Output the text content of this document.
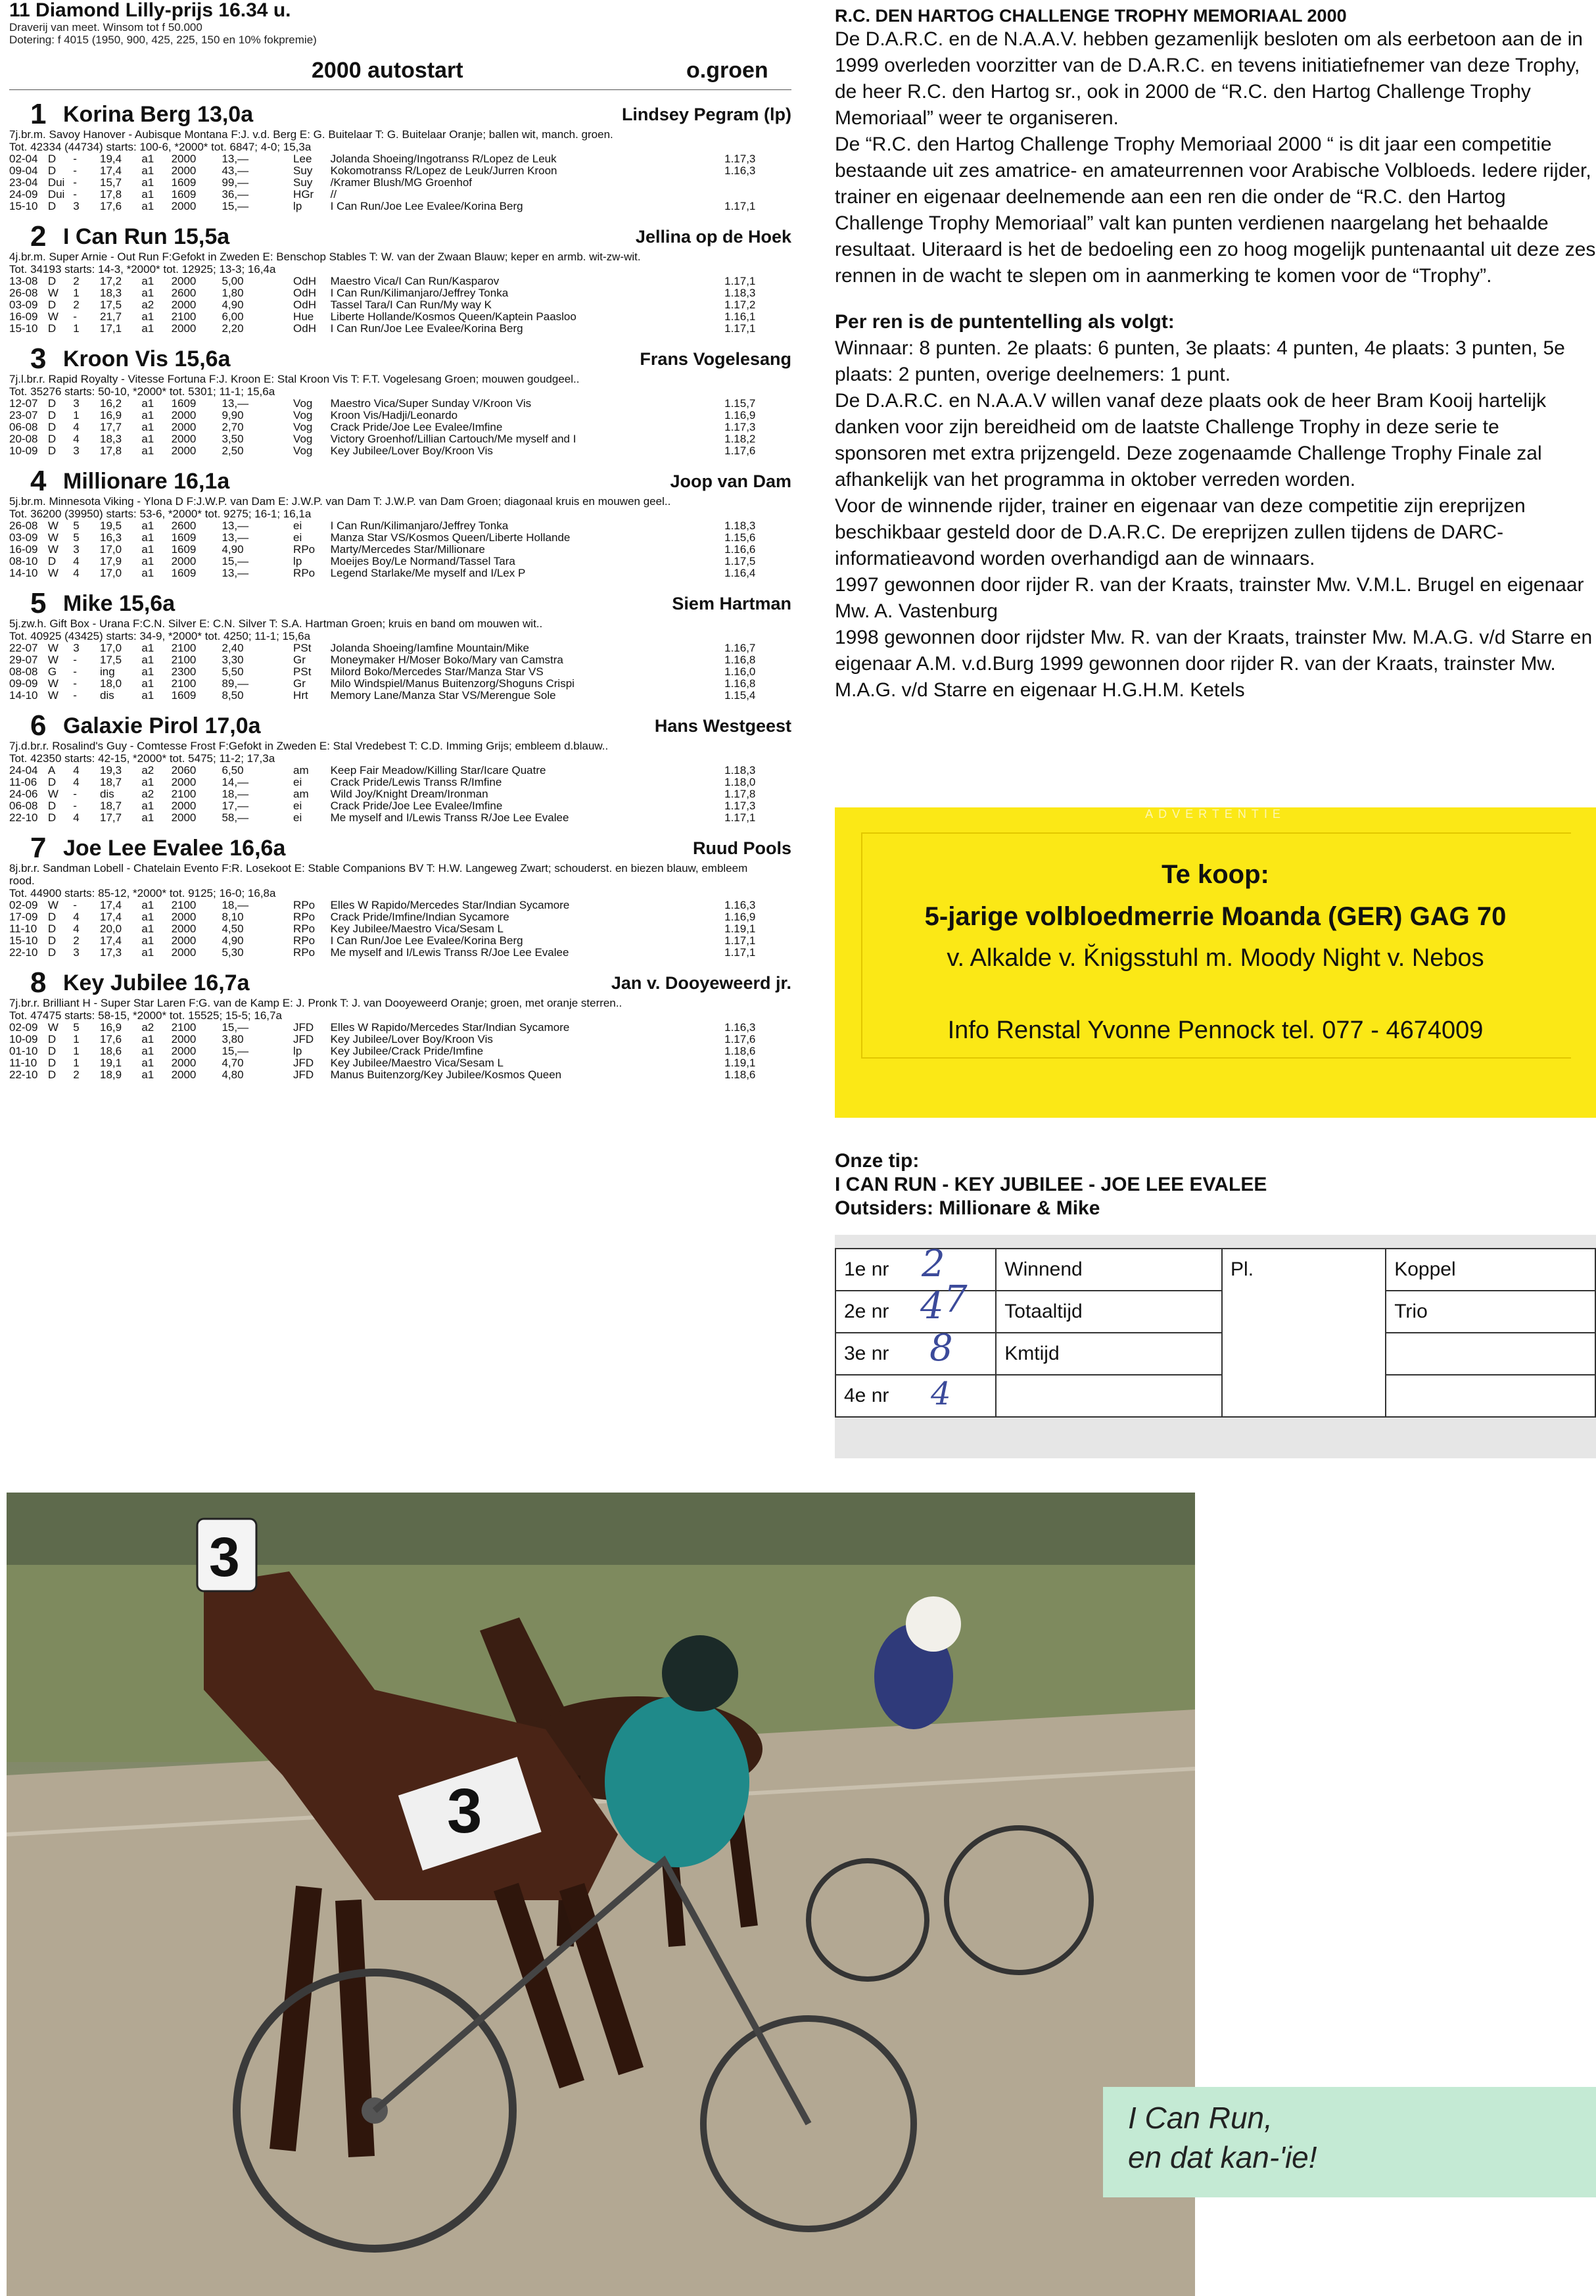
11 Diamond Lilly-prijs 16.34 u.
Draverij van meet. Winsom tot f 50.000
Dotering: f 4015 (1950, 900, 425, 225, 150 en 10% fokpremie)
2000 autostart	o.groen
1 Korina Berg 13,0a	Lindsey Pegram (lp)
7j.br.m. Savoy Hanover - Aubisque Montana F:J. v.d. Berg E: G. Buitelaar T: G. Buitelaar Oranje; ballen wit, manch. groen.
Tot. 42334 (44734) starts: 100-6, *2000* tot. 6847; 4-0; 15,3a
02-04	D	-	19,4	a1	2000	13,—	Lee	Jolanda Shoeing/Ingotranss R/Lopez de Leuk	1.17,3
09-04	D	-	17,4	a1	2000	43,—	Suy	Kokomotranss R/Lopez de Leuk/Jurren Kroon	1.16,3
23-04	Dui	-	15,7	a1	1609	99,—	Suy	/Kramer Blush/MG Groenhof	
24-09	Dui	-	17,8	a1	1609	36,—	HGr	//	
15-10	D	3	17,6	a1	2000	15,—	lp	I Can Run/Joe Lee Evalee/Korina Berg	1.17,1
2 I Can Run 15,5a	Jellina op de Hoek
4j.br.m. Super Arnie - Out Run F:Gefokt in Zweden E: Benschop Stables T: W. van der Zwaan Blauw; keper en armb. wit-zw-wit.
Tot. 34193 starts: 14-3, *2000* tot. 12925; 13-3; 16,4a
13-08	D	2	17,2	a1	2000	5,00	OdH	Maestro Vica/I Can Run/Kasparov	1.17,1
26-08	W	1	18,3	a1	2600	1,80	OdH	I Can Run/Kilimanjaro/Jeffrey Tonka	1.18,3
03-09	D	2	17,5	a2	2000	4,90	OdH	Tassel Tara/I Can Run/My way K	1.17,2
16-09	W	-	21,7	a1	2100	6,00	Hue	Liberte Hollande/Kosmos Queen/Kaptein Paasloo	1.16,1
15-10	D	1	17,1	a1	2000	2,20	OdH	I Can Run/Joe Lee Evalee/Korina Berg	1.17,1
3 Kroon Vis 15,6a	Frans Vogelesang
7j.l.br.r. Rapid Royalty - Vitesse Fortuna F:J. Kroon E: Stal Kroon Vis T: F.T. Vogelesang Groen; mouwen goudgeel..
Tot. 35276 starts: 50-10, *2000* tot. 5301; 11-1; 15,6a
12-07	D	3	16,2	a1	1609	13,—	Vog	Maestro Vica/Super Sunday V/Kroon Vis	1.15,7
23-07	D	1	16,9	a1	2000	9,90	Vog	Kroon Vis/Hadji/Leonardo	1.16,9
06-08	D	4	17,7	a1	2000	2,70	Vog	Crack Pride/Joe Lee Evalee/Imfine	1.17,3
20-08	D	4	18,3	a1	2000	3,50	Vog	Victory Groenhof/Lillian Cartouch/Me myself and I	1.18,2
10-09	D	3	17,8	a1	2000	2,50	Vog	Key Jubilee/Lover Boy/Kroon Vis	1.17,6
4 Millionare 16,1a	Joop van Dam
5j.br.m. Minnesota Viking - Ylona D F:J.W.P. van Dam E: J.W.P. van Dam T: J.W.P. van Dam Groen; diagonaal kruis en mouwen geel..
Tot. 36200 (39950) starts: 53-6, *2000* tot. 9275; 16-1; 16,1a
26-08	W	5	19,5	a1	2600	13,—	ei	I Can Run/Kilimanjaro/Jeffrey Tonka	1.18,3
03-09	W	5	16,3	a1	1609	13,—	ei	Manza Star VS/Kosmos Queen/Liberte Hollande	1.15,6
16-09	W	3	17,0	a1	1609	4,90	RPo	Marty/Mercedes Star/Millionare	1.16,6
08-10	D	4	17,9	a1	2000	15,—	lp	Moeijes Boy/Le Normand/Tassel Tara	1.17,5
14-10	W	4	17,0	a1	1609	13,—	RPo	Legend Starlake/Me myself and I/Lex P	1.16,4
5 Mike 15,6a	Siem Hartman
5j.zw.h. Gift Box - Urana F:C.N. Silver E: C.N. Silver T: S.A. Hartman Groen; kruis en band om mouwen wit..
Tot. 40925 (43425) starts: 34-9, *2000* tot. 4250; 11-1; 15,6a
22-07	W	3	17,0	a1	2100	2,40	PSt	Jolanda Shoeing/Iamfine Mountain/Mike	1.16,7
29-07	W	-	17,5	a1	2100	3,30	Gr	Moneymaker H/Moser Boko/Mary van Camstra	1.16,8
08-08	G	-	ing	a1	2300	5,50	PSt	Milord Boko/Mercedes Star/Manza Star VS	1.16,0
09-09	W	-	18,0	a1	2100	89,—	Gr	Milo Windspiel/Manus Buitenzorg/Shoguns Crispi	1.16,8
14-10	W	-	dis	a1	1609	8,50	Hrt	Memory Lane/Manza Star VS/Merengue Sole	1.15,4
6 Galaxie Pirol 17,0a	Hans Westgeest
7j.d.br.r. Rosalind's Guy - Comtesse Frost F:Gefokt in Zweden E: Stal Vredebest T: C.D. Imming Grijs; embleem d.blauw..
Tot. 42350 starts: 42-15, *2000* tot. 5475; 11-2; 17,3a
24-04	A	4	19,3	a2	2060	6,50	am	Keep Fair Meadow/Killing Star/Icare Quatre	1.18,3
11-06	D	4	18,7	a1	2000	14,—	ei	Crack Pride/Lewis Transs R/Imfine	1.18,0
24-06	W	-	dis	a2	2100	18,—	am	Wild Joy/Knight Dream/Ironman	1.17,8
06-08	D	-	18,7	a1	2000	17,—	ei	Crack Pride/Joe Lee Evalee/Imfine	1.17,3
22-10	D	4	17,7	a1	2000	58,—	ei	Me myself and I/Lewis Transs R/Joe Lee Evalee	1.17,1
7 Joe Lee Evalee 16,6a	Ruud Pools
8j.br.r. Sandman Lobell - Chatelain Evento F:R. Losekoot E: Stable Companions BV T: H.W. Langeweg Zwart; schouderst. en biezen blauw, embleem rood.
Tot. 44900 starts: 85-12, *2000* tot. 9125; 16-0; 16,8a
02-09	W	-	17,4	a1	2100	18,—	RPo	Elles W Rapido/Mercedes Star/Indian Sycamore	1.16,3
17-09	D	4	17,4	a1	2000	8,10	RPo	Crack Pride/Imfine/Indian Sycamore	1.16,9
11-10	D	4	20,0	a1	2000	4,50	RPo	Key Jubilee/Maestro Vica/Sesam L	1.19,1
15-10	D	2	17,4	a1	2000	4,90	RPo	I Can Run/Joe Lee Evalee/Korina Berg	1.17,1
22-10	D	3	17,3	a1	2000	5,30	RPo	Me myself and I/Lewis Transs R/Joe Lee Evalee	1.17,1
8 Key Jubilee 16,7a	Jan v. Dooyeweerd jr.
7j.br.r. Brilliant H - Super Star Laren F:G. van de Kamp E: J. Pronk T: J. van Dooyeweerd Oranje; groen, met oranje sterren..
Tot. 47475 starts: 58-15, *2000* tot. 15525; 15-5; 16,7a
02-09	W	5	16,9	a2	2100	15,—	JFD	Elles W Rapido/Mercedes Star/Indian Sycamore	1.16,3
10-09	D	1	17,6	a1	2000	3,80	JFD	Key Jubilee/Lover Boy/Kroon Vis	1.17,6
01-10	D	1	18,6	a1	2000	15,—	lp	Key Jubilee/Crack Pride/Imfine	1.18,6
11-10	D	1	19,1	a1	2000	4,70	JFD	Key Jubilee/Maestro Vica/Sesam L	1.19,1
22-10	D	2	18,9	a1	2000	4,80	JFD	Manus Buitenzorg/Key Jubilee/Kosmos Queen	1.18,6
R.C. DEN HARTOG CHALLENGE TROPHY MEMORIAAL 2000

De D.A.R.C. en de N.A.A.V. hebben gezamenlijk besloten om als eerbetoon aan de in 1999 overleden voorzitter van de D.A.R.C. en tevens initiatiefnemer van deze Trophy, de heer R.C. den Hartog sr., ook in 2000 de “R.C. den Hartog Challenge Trophy Memoriaal” weer te organiseren.

De “R.C. den Hartog Challenge Trophy Memoriaal 2000 “ is dit jaar een competitie bestaande uit zes amatrice- en amateurrennen voor Arabische Volbloeds. Iedere rijder, trainer en eigenaar deelnemende aan een ren die onder de “R.C. den Hartog Challenge Trophy Memoriaal” valt kan punten verdienen naargelang het behaalde resultaat. Uiteraard is het de bedoeling een zo hoog mogelijk puntenaantal uit deze zes rennen in de wacht te slepen om in aanmerking te komen voor de “Trophy”.

Per ren is de puntentelling als volgt:

Winnaar: 8 punten. 2e plaats: 6 punten, 3e plaats: 4 punten, 4e plaats: 3 punten, 5e plaats: 2 punten, overige deelnemers: 1 punt.

De D.A.R.C. en N.A.A.V willen vanaf deze plaats ook de heer Bram Kooij hartelijk danken voor zijn bereidheid om de laatste Challenge Trophy in deze serie te sponsoren met extra prijzengeld. Deze zogenaamde Challenge Trophy Finale zal afhankelijk van het programma in oktober verreden worden.

Voor de winnende rijder, trainer en eigenaar van deze competitie zijn ereprijzen beschikbaar gesteld door de D.A.R.C. De ereprijzen zullen tijdens de DARC-informatieavond worden overhandigd aan de winnaars.

1997 gewonnen door rijder R. van der Kraats, trainster Mw. V.M.L. Brugel en eigenaar Mw. A. Vastenburg

1998 gewonnen door rijdster Mw. R. van der Kraats, trainster Mw. M.A.G. v/d Starre en eigenaar A.M. v.d.Burg 1999 gewonnen door rijder R. van der Kraats, trainster Mw. M.A.G. v/d Starre en eigenaar H.G.H.M. Ketels

ADVERTENTIE
Te koop:
5-jarige volbloedmerrie Moanda (GER) GAG 70
v. Alkalde v. K̆nigsstuhl m. Moody Night v. Nebos
Info Renstal Yvonne Pennock tel. 077 - 4674009
Onze tip:
I CAN RUN - KEY JUBILEE - JOE LEE EVALEE
Outsiders: Millionare & Mike
1e nr	Winnend	Pl.	Koppel
2e nr	Totaaltijd		Trio
3e nr	Kmtijd		
4e nr			
2
4 7
8
4
3
3
I Can Run,
en dat kan-'ie!
